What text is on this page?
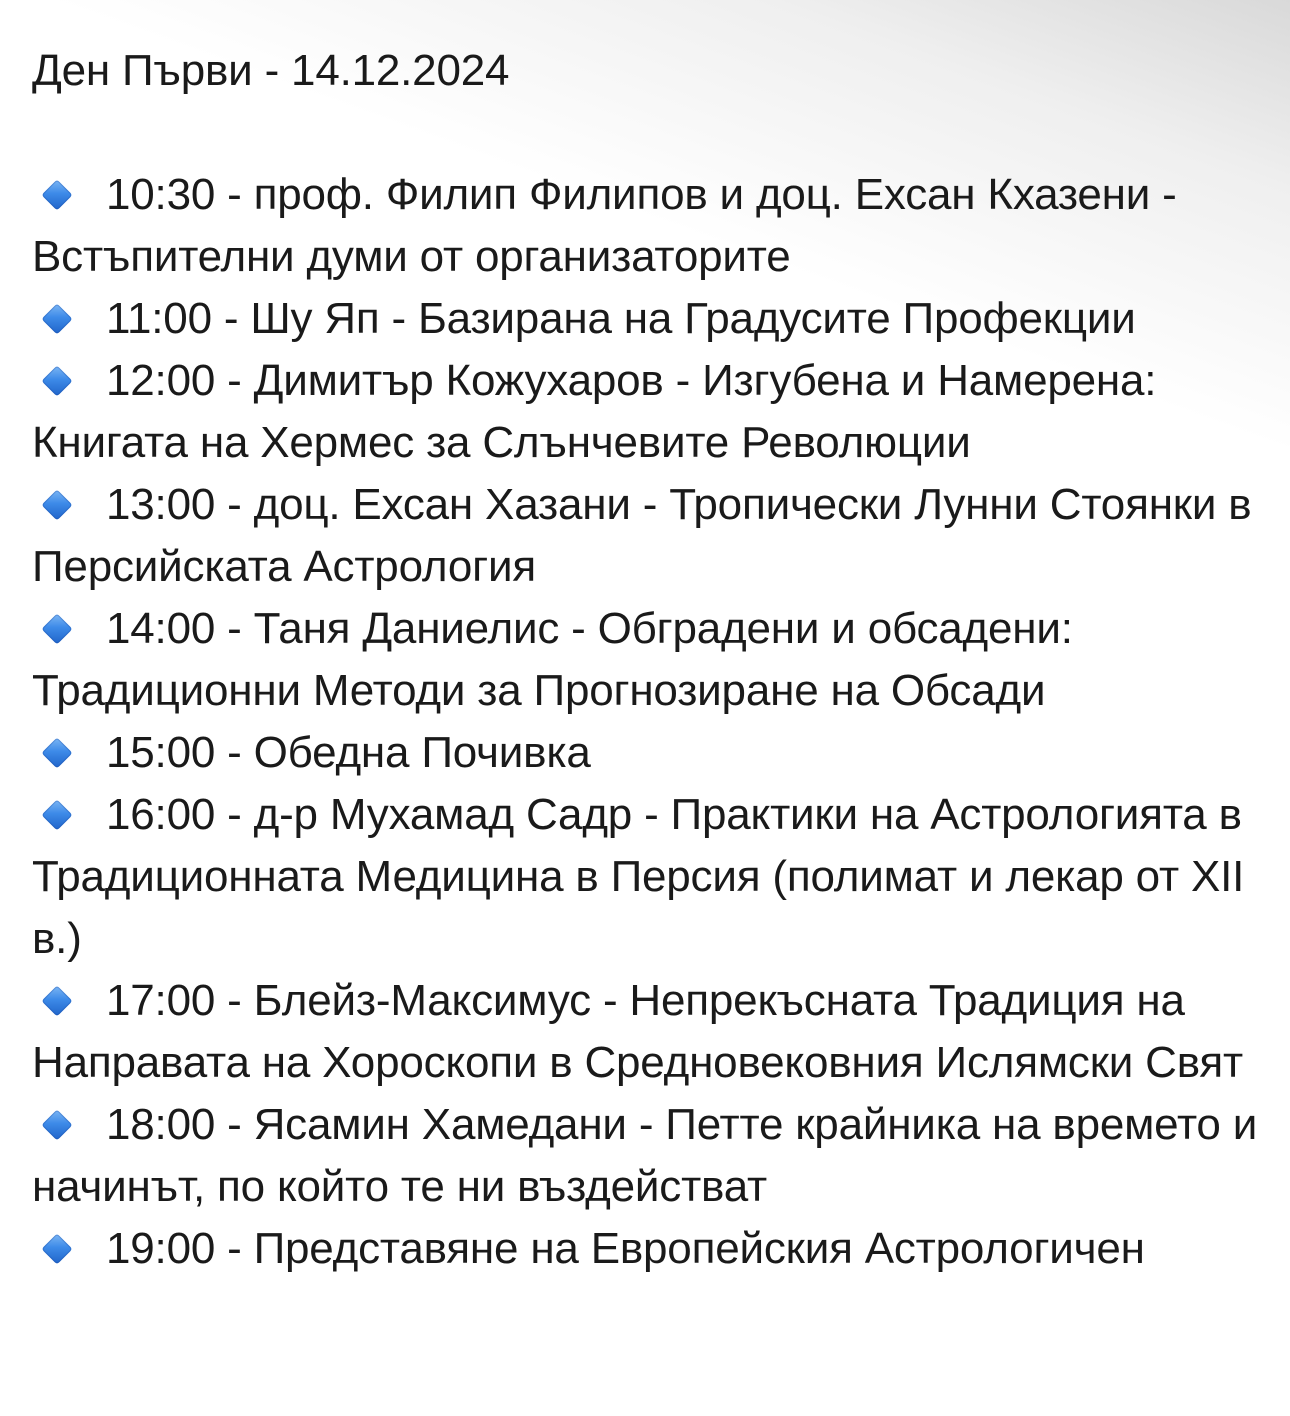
Ден Първи - 14.12.2024

10:30 - проф. Филип Филипов и доц. Ехсан Кхазени - Встъпителни думи от организаторите

11:00 - Шу Яп - Базирана на Градусите Профекции

12:00 - Димитър Кожухаров - Изгубена и Намерена: Книгата на Хермес за Слънчевите Революции

13:00 - доц. Ехсан Хазани - Тропически Лунни Стоянки в Персийската Астрология

14:00 - Таня Даниелис - Обградени и обсадени: Традиционни Методи за Прогнозиране на Обсади

15:00 - Обедна Почивка

16:00 - д-р Мухамад Садр - Практики на Астрологията в Традиционната Медицина в Персия (полимат и лекар от XII в.)

17:00 - Блейз-Максимус - Непрекъсната Традиция на Направата на Хороскопи в Средновековния Ислямски Свят

18:00 - Ясамин Хамедани - Петте крайника на времето и начинът, по който те ни въздействат

19:00 - Представяне на Европейския Астрологичен
